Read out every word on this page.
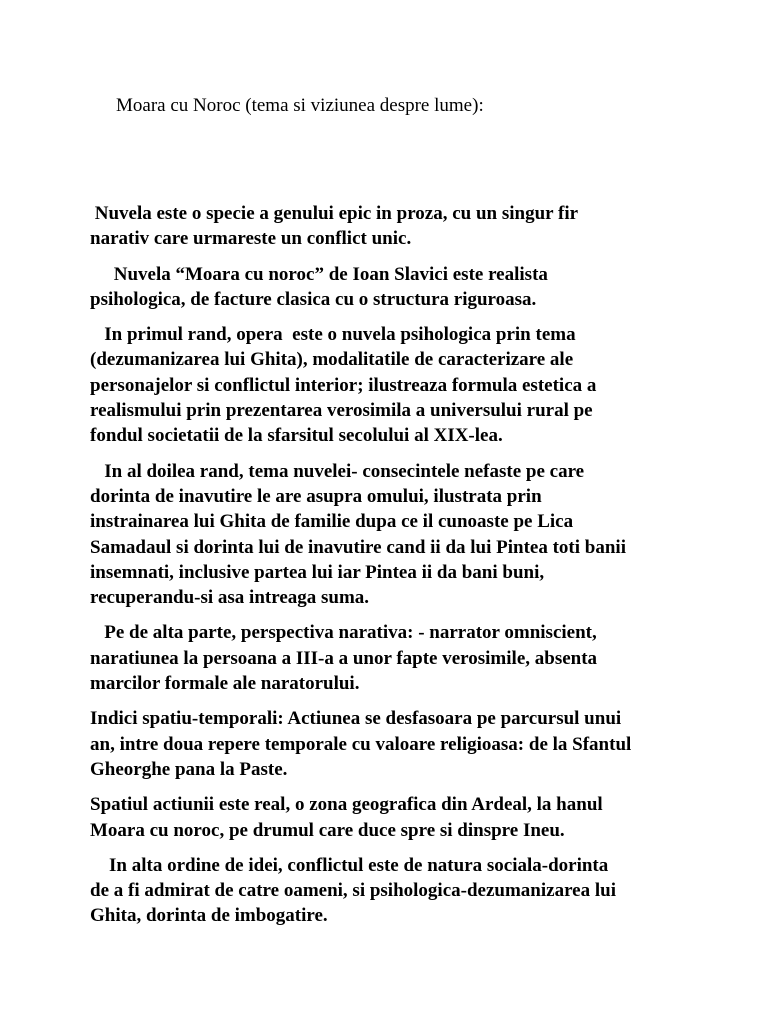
Moara cu Noroc (tema si viziunea despre lume):

Nuvela este o specie a genului epic in proza, cu un singur fir
narativ care urmareste un conflict unic.

Nuvela “Moara cu noroc” de Ioan Slavici este realista
psihologica, de facture clasica cu o structura riguroasa.

In primul rand, opera  este o nuvela psihologica prin tema
(dezumanizarea lui Ghita), modalitatile de caracterizare ale
personajelor si conflictul interior; ilustreaza formula estetica a
realismului prin prezentarea verosimila a universului rural pe
fondul societatii de la sfarsitul secolului al XIX-lea.

In al doilea rand, tema nuvelei- consecintele nefaste pe care
dorinta de inavutire le are asupra omului, ilustrata prin
instrainarea lui Ghita de familie dupa ce il cunoaste pe Lica
Samadaul si dorinta lui de inavutire cand ii da lui Pintea toti banii
insemnati, inclusive partea lui iar Pintea ii da bani buni,
recuperandu-si asa intreaga suma.

Pe de alta parte, perspectiva narativa: - narrator omniscient,
naratiunea la persoana a III-a a unor fapte verosimile, absenta
marcilor formale ale naratorului.

Indici spatiu-temporali: Actiunea se desfasoara pe parcursul unui
an, intre doua repere temporale cu valoare religioasa: de la Sfantul
Gheorghe pana la Paste.

Spatiul actiunii este real, o zona geografica din Ardeal, la hanul
Moara cu noroc, pe drumul care duce spre si dinspre Ineu.

In alta ordine de idei, conflictul este de natura sociala-dorinta
de a fi admirat de catre oameni, si psihologica-dezumanizarea lui
Ghita, dorinta de imbogatire.
